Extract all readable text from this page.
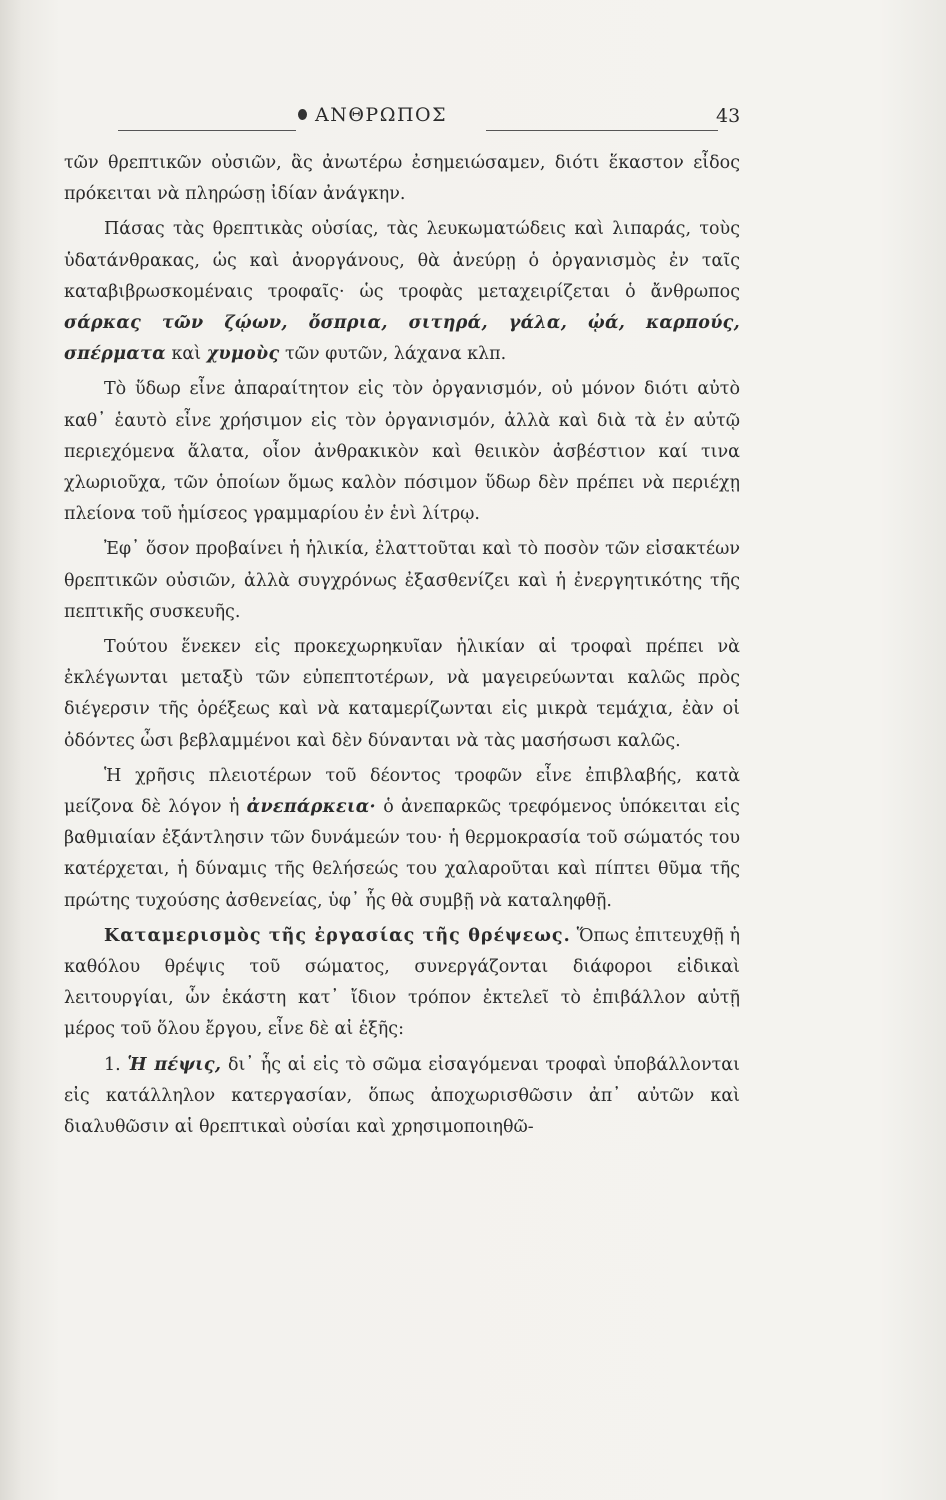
ΑΝΘΡΩΠΟΣ	43

τῶν θρεπτικῶν οὐσιῶν, ἃς ἀνωτέρω ἐσημειώσαμεν, διότι ἕκαστον εἶδος πρόκειται νὰ πληρώσῃ ἰδίαν ἀνάγκην.

Πάσας τὰς θρεπτικὰς οὐσίας, τὰς λευκωματώδεις καὶ λιπαράς, τοὺς ὑδατάνθρακας, ὡς καὶ ἀνοργάνους, θὰ ἀνεύρῃ ὁ ὀργανισμὸς ἐν ταῖς καταβιβρωσκομέναις τροφαῖς· ὡς τροφὰς μεταχειρίζεται ὁ ἄνθρωπος σάρκας τῶν ζῴων, ὄσπρια, σιτηρά, γάλα, ᾠά, καρπούς, σπέρματα καὶ χυμοὺς τῶν φυτῶν, λάχανα κλπ.

Τὸ ὕδωρ εἶνε ἀπαραίτητον εἰς τὸν ὀργανισμόν, οὐ μόνον διότι αὐτὸ καθ᾽ ἑαυτὸ εἶνε χρήσιμον εἰς τὸν ὀργανισμόν, ἀλλὰ καὶ διὰ τὰ ἐν αὐτῷ περιεχόμενα ἅλατα, οἷον ἀνθρακικὸν καὶ θειικὸν ἀσβέστιον καί τινα χλωριοῦχα, τῶν ὁποίων ὅμως καλὸν πόσιμον ὕδωρ δὲν πρέπει νὰ περιέχῃ πλείονα τοῦ ἡμίσεος γραμμαρίου ἐν ἑνὶ λίτρῳ.

Ἐφ᾽ ὅσον προβαίνει ἡ ἡλικία, ἐλαττοῦται καὶ τὸ ποσὸν τῶν εἰσακτέων θρεπτικῶν οὐσιῶν, ἀλλὰ συγχρόνως ἐξασθενίζει καὶ ἡ ἐνεργητικότης τῆς πεπτικῆς συσκευῆς.

Τούτου ἕνεκεν εἰς προκεχωρηκυῖαν ἡλικίαν αἱ τροφαὶ πρέπει νὰ ἐκλέγωνται μεταξὺ τῶν εὐπεπτοτέρων, νὰ μαγειρεύωνται καλῶς πρὸς διέγερσιν τῆς ὀρέξεως καὶ νὰ καταμερίζωνται εἰς μικρὰ τεμάχια, ἐὰν οἱ ὀδόντες ὦσι βεβλαμμένοι καὶ δὲν δύνανται νὰ τὰς μασήσωσι καλῶς.

Ἡ χρῆσις πλειοτέρων τοῦ δέοντος τροφῶν εἶνε ἐπιβλαβής, κατὰ μείζονα δὲ λόγον ἡ ἀνεπάρκεια· ὁ ἀνεπαρκῶς τρεφόμενος ὑπόκειται εἰς βαθμιαίαν ἐξάντλησιν τῶν δυνάμεών του· ἡ θερμοκρασία τοῦ σώματός του κατέρχεται, ἡ δύναμις τῆς θελήσεώς του χαλαροῦται καὶ πίπτει θῦμα τῆς πρώτης τυχούσης ἀσθενείας, ὑφ᾽ ἧς θὰ συμβῇ νὰ καταληφθῇ.

Καταμερισμὸς τῆς ἐργασίας τῆς θρέψεως. Ὅπως ἐπιτευχθῇ ἡ καθόλου θρέψις τοῦ σώματος, συνεργάζονται διάφοροι εἰδικαὶ λειτουργίαι, ὧν ἑκάστη κατ᾽ ἴδιον τρόπον ἐκτελεῖ τὸ ἐπιβάλλον αὐτῇ μέρος τοῦ ὅλου ἔργου, εἶνε δὲ αἱ ἑξῆς:

1. Ἡ πέψις, δι᾽ ἧς αἱ εἰς τὸ σῶμα εἰσαγόμεναι τροφαὶ ὑποβάλλονται εἰς κατάλληλον κατεργασίαν, ὅπως ἀποχωρισθῶσιν ἀπ᾽ αὐτῶν καὶ διαλυθῶσιν αἱ θρεπτικαὶ οὐσίαι καὶ χρησιμοποιηθῶ-
